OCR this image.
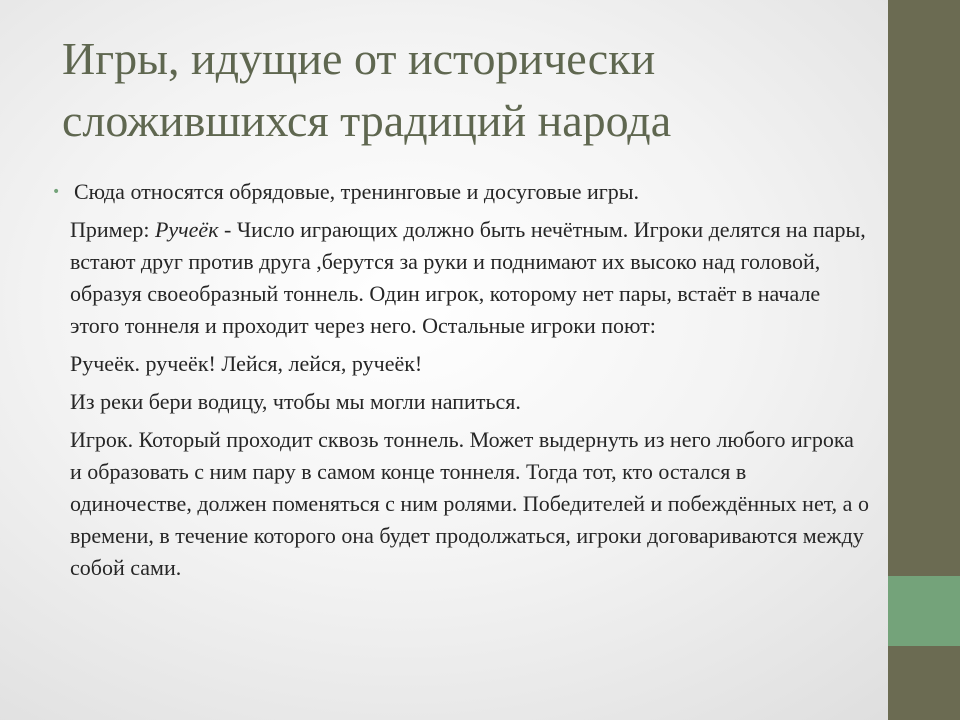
Игры, идущие от исторически сложившихся традиций народа
• Сюда относятся обрядовые, тренинговые и досуговые игры.

Пример: Ручеёк - Число играющих должно быть нечётным. Игроки делятся на пары, встают друг против друга ,берутся за руки и поднимают их высоко над головой, образуя своеобразный тоннель. Один игрок, которому нет пары, встаёт в начале этого тоннеля и проходит через него. Остальные игроки поют:

Ручеёк. ручеёк! Лейся, лейся, ручеёк!

Из реки бери водицу, чтобы мы могли напиться.

Игрок. Который проходит сквозь тоннель. Может выдернуть из него любого игрока и образовать с ним пару в самом конце тоннеля. Тогда тот, кто остался в одиночестве, должен поменяться с ним ролями. Победителей и побеждённых нет, а о времени, в течение которого она будет продолжаться, игроки договариваются между собой сами.
